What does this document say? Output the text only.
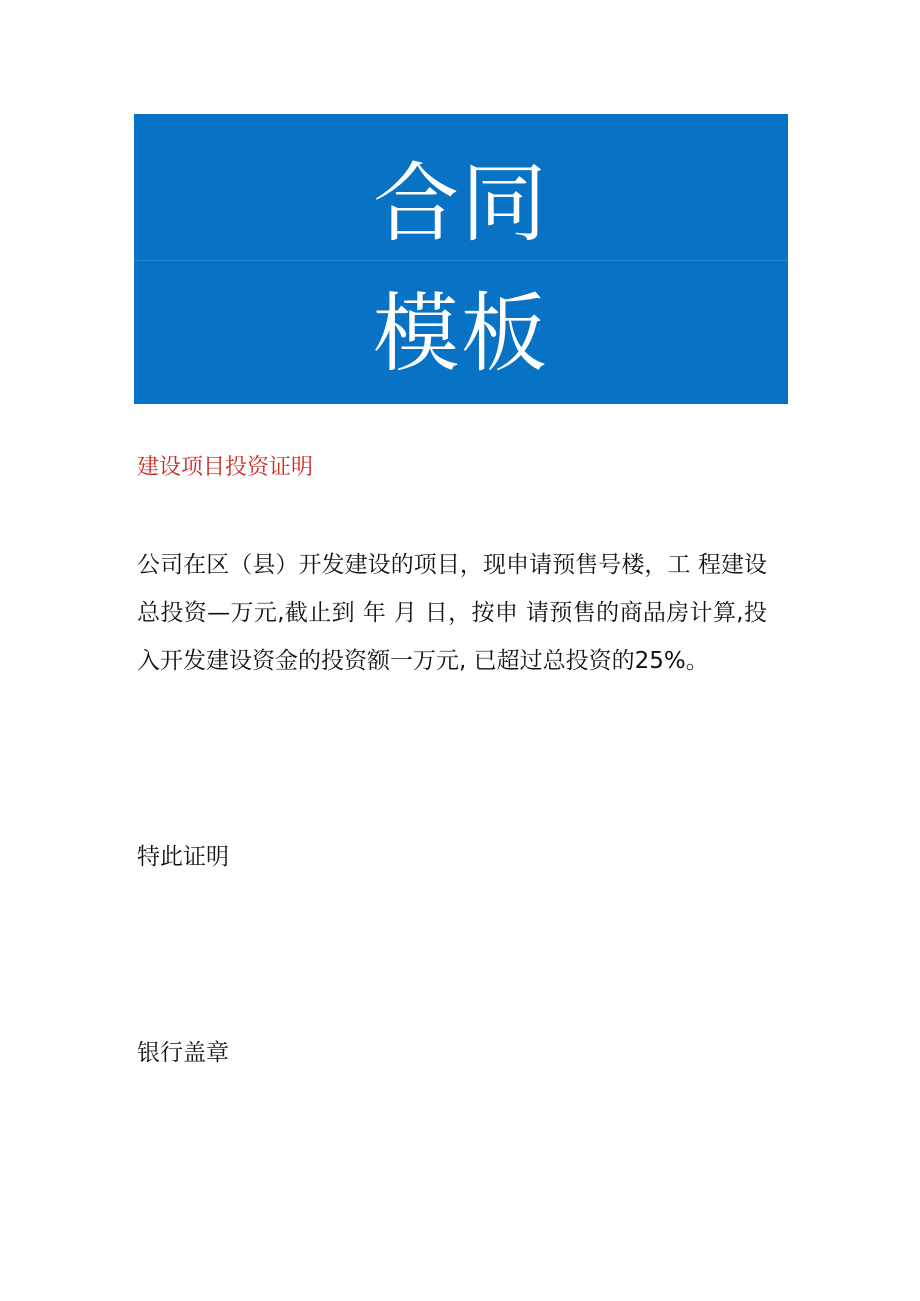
合同
模板
建设项目投资证明

公司在区（县）开发建设的项目，现申请预售号楼，工 程建设总投资—万元,截止到 年 月 日，按申 请预售的商品房计算,投入开发建设资金的投资额一万元, 已超过总投资的25%。

特此证明
银行盖章
